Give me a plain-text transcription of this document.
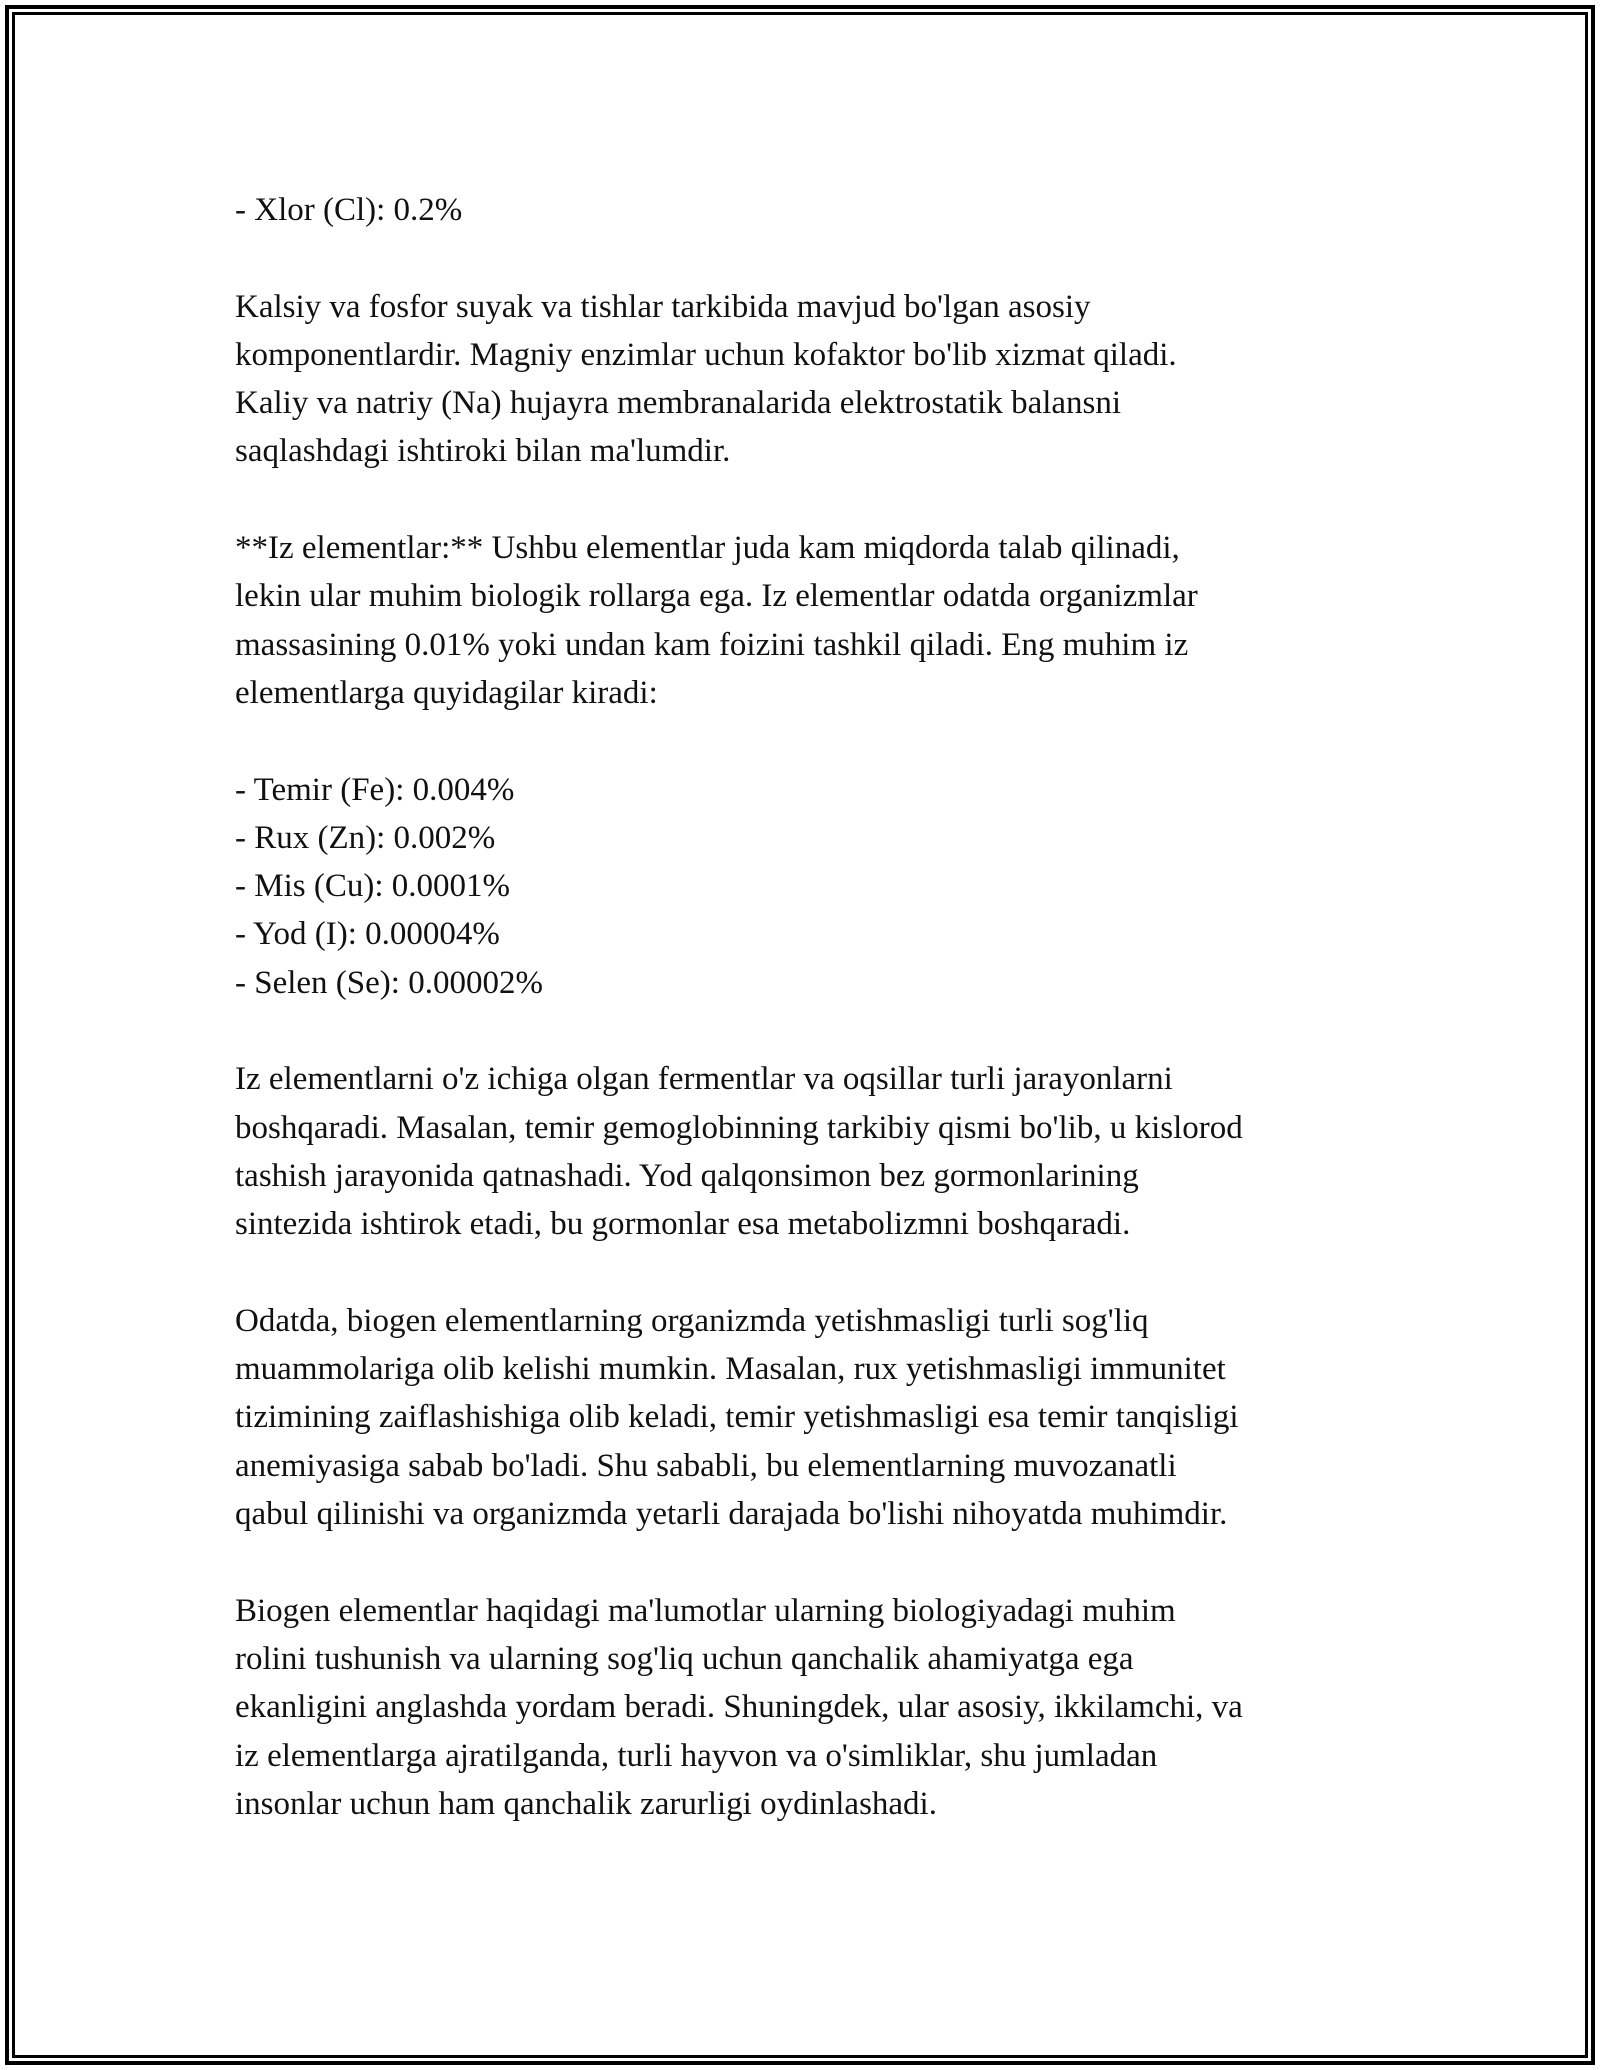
- Xlor (Cl): 0.2%

Kalsiy va fosfor suyak va tishlar tarkibida mavjud bo'lgan asosiy

komponentlardir. Magniy enzimlar uchun kofaktor bo'lib xizmat qiladi.

Kaliy va natriy (Na) hujayra membranalarida elektrostatik balansni

saqlashdagi ishtiroki bilan ma'lumdir.

**Iz elementlar:** Ushbu elementlar juda kam miqdorda talab qilinadi,

lekin ular muhim biologik rollarga ega. Iz elementlar odatda organizmlar

massasining 0.01% yoki undan kam foizini tashkil qiladi. Eng muhim iz

elementlarga quyidagilar kiradi:

- Temir (Fe): 0.004%

- Rux (Zn): 0.002%

- Mis (Cu): 0.0001%

- Yod (I): 0.00004%

- Selen (Se): 0.00002%

Iz elementlarni o'z ichiga olgan fermentlar va oqsillar turli jarayonlarni

boshqaradi. Masalan, temir gemoglobinning tarkibiy qismi bo'lib, u kislorod

tashish jarayonida qatnashadi. Yod qalqonsimon bez gormonlarining

sintezida ishtirok etadi, bu gormonlar esa metabolizmni boshqaradi.

Odatda, biogen elementlarning organizmda yetishmasligi turli sog'liq

muammolariga olib kelishi mumkin. Masalan, rux yetishmasligi immunitet

tizimining zaiflashishiga olib keladi, temir yetishmasligi esa temir tanqisligi

anemiyasiga sabab bo'ladi. Shu sababli, bu elementlarning muvozanatli

qabul qilinishi va organizmda yetarli darajada bo'lishi nihoyatda muhimdir.

Biogen elementlar haqidagi ma'lumotlar ularning biologiyadagi muhim

rolini tushunish va ularning sog'liq uchun qanchalik ahamiyatga ega

ekanligini anglashda yordam beradi. Shuningdek, ular asosiy, ikkilamchi, va

iz elementlarga ajratilganda, turli hayvon va o'simliklar, shu jumladan

insonlar uchun ham qanchalik zarurligi oydinlashadi.
